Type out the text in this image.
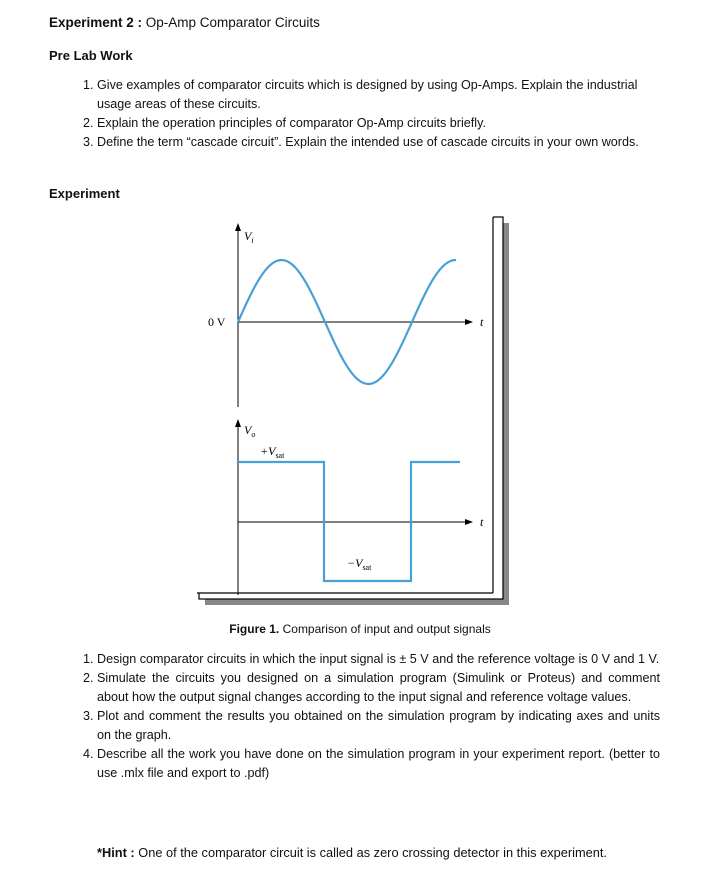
Experiment 2 : Op-Amp Comparator Circuits
Pre Lab Work
1. Give examples of comparator circuits which is designed by using Op-Amps. Explain the industrial usage areas of these circuits.
2. Explain the operation principles of comparator Op-Amp circuits briefly.
3. Define the term “cascade circuit”. Explain the intended use of cascade circuits in your own words.
Experiment
$V_i$
0 V	t
$V_o$
$+V_{sat}$
$-V_{sat}$
t
Figure 1. Comparison of input and output signals
1. Design comparator circuits in which the input signal is ± 5 V and the reference voltage is 0 V and 1 V.
2. Simulate the circuits you designed on a simulation program (Simulink or Proteus) and comment about how the output signal changes according to the input signal and reference voltage values.
3. Plot and comment the results you obtained on the simulation program by indicating axes and units on the graph.
4. Describe all the work you have done on the simulation program in your experiment report. (better to use .mlx file and export to .pdf)
*Hint : One of the comparator circuit is called as zero crossing detector in this experiment.
